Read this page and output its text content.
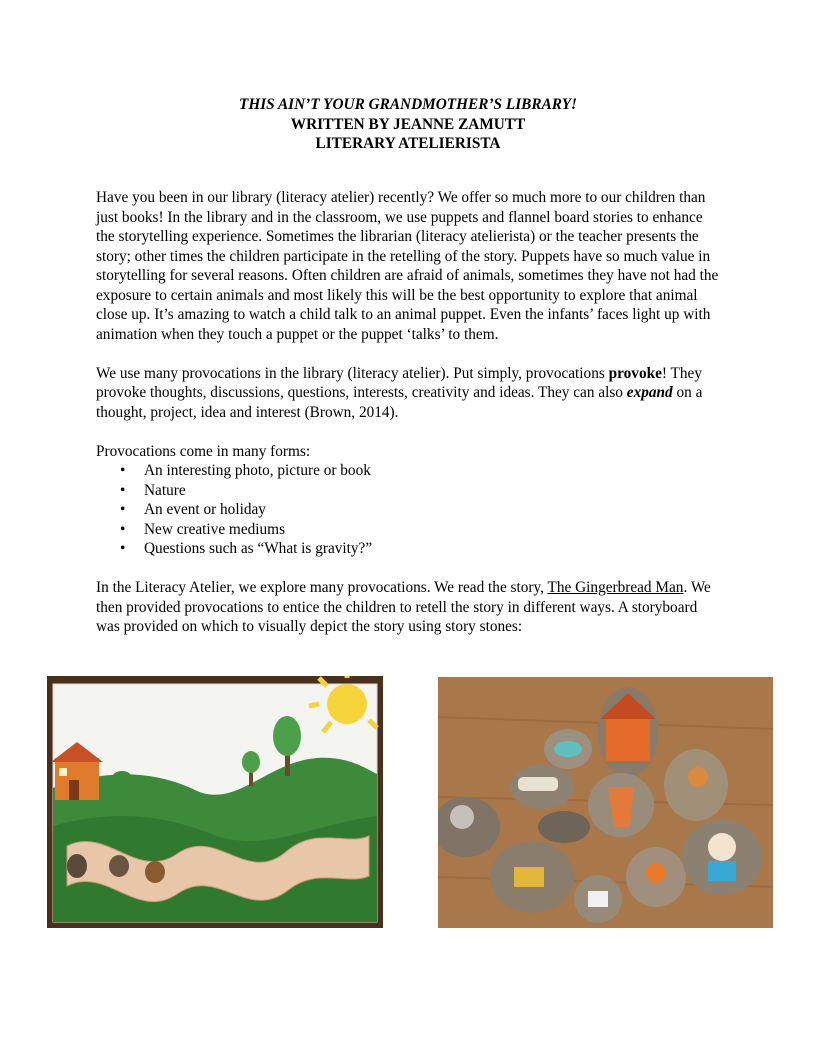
THIS AIN’T YOUR GRANDMOTHER’S LIBRARY!
WRITTEN BY JEANNE ZAMUTT
LITERARY ATELIERISTA

Have you been in our library (literacy atelier) recently? We offer so much more to our children than just books! In the library and in the classroom, we use puppets and flannel board stories to enhance the storytelling experience. Sometimes the librarian (literacy atelierista) or the teacher presents the story; other times the children participate in the retelling of the story. Puppets have so much value in storytelling for several reasons. Often children are afraid of animals, sometimes they have not had the exposure to certain animals and most likely this will be the best opportunity to explore that animal close up. It’s amazing to watch a child talk to an animal puppet. Even the infants’ faces light up with animation when they touch a puppet or the puppet ‘talks’ to them.

We use many provocations in the library (literacy atelier). Put simply, provocations provoke! They provoke thoughts, discussions, questions, interests, creativity and ideas. They can also expand on a thought, project, idea and interest (Brown, 2014).

Provocations come in many forms:
• An interesting photo, picture or book
• Nature
• An event or holiday
• New creative mediums
• Questions such as “What is gravity?”

In the Literacy Atelier, we explore many provocations. We read the story, The Gingerbread Man. We then provided provocations to entice the children to retell the story in different ways. A storyboard was provided on which to visually depict the story using story stones:
